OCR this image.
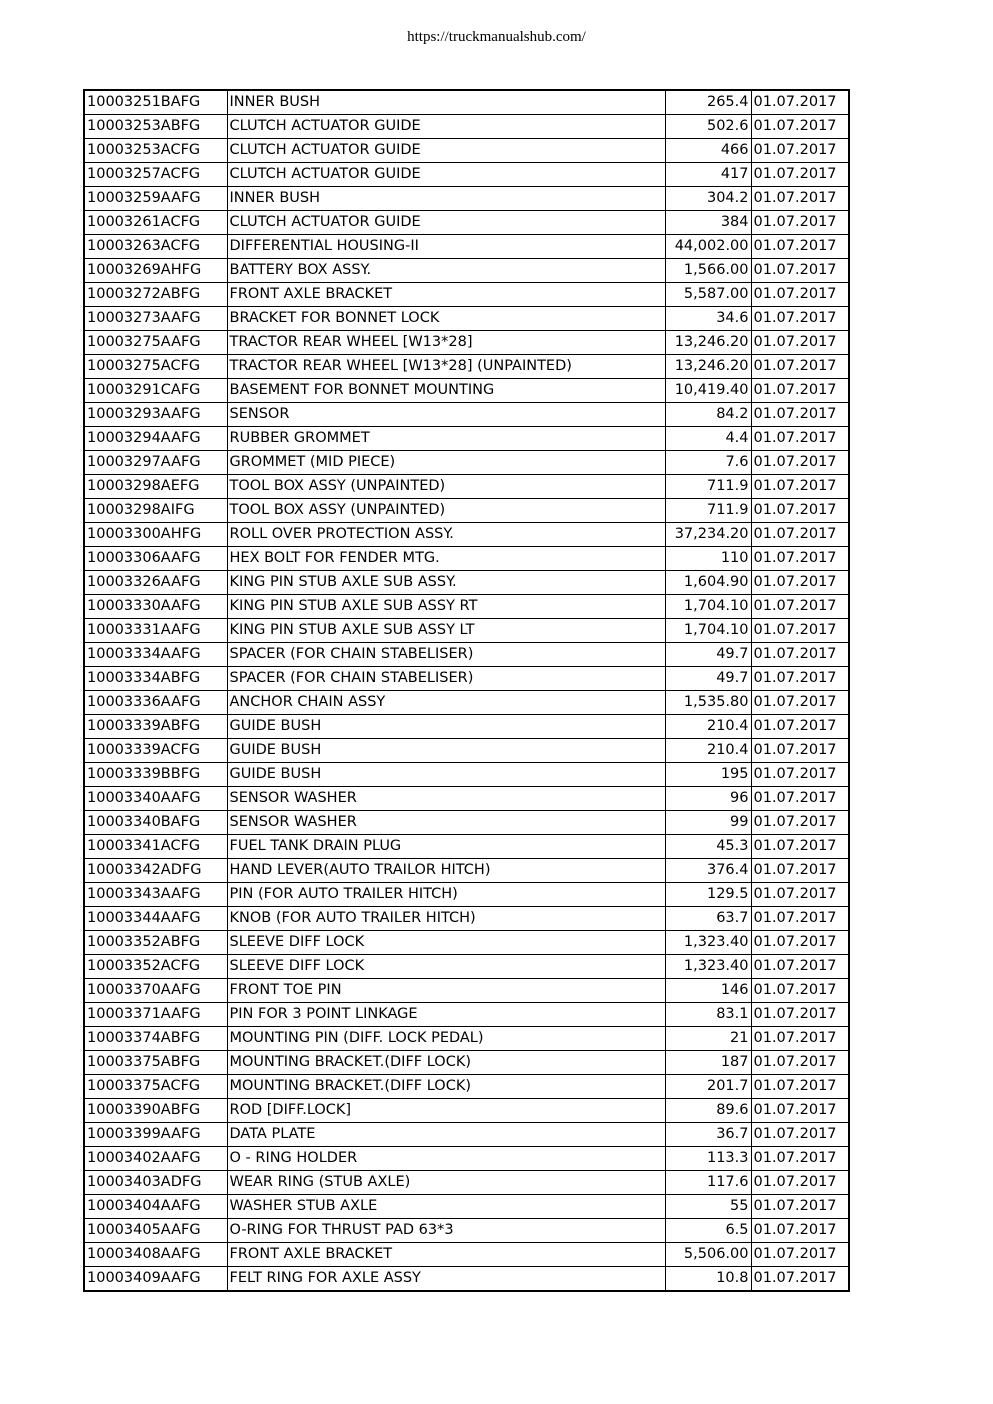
https://truckmanualshub.com/
10003251BAFG	INNER BUSH	265.4	01.07.2017
10003253ABFG	CLUTCH ACTUATOR GUIDE	502.6	01.07.2017
10003253ACFG	CLUTCH ACTUATOR GUIDE	466	01.07.2017
10003257ACFG	CLUTCH ACTUATOR GUIDE	417	01.07.2017
10003259AAFG	INNER BUSH	304.2	01.07.2017
10003261ACFG	CLUTCH ACTUATOR GUIDE	384	01.07.2017
10003263ACFG	DIFFERENTIAL HOUSING-II	44,002.00	01.07.2017
10003269AHFG	BATTERY BOX ASSY.	1,566.00	01.07.2017
10003272ABFG	FRONT AXLE BRACKET	5,587.00	01.07.2017
10003273AAFG	BRACKET FOR BONNET LOCK	34.6	01.07.2017
10003275AAFG	TRACTOR REAR WHEEL [W13*28]	13,246.20	01.07.2017
10003275ACFG	TRACTOR REAR WHEEL [W13*28] (UNPAINTED)	13,246.20	01.07.2017
10003291CAFG	BASEMENT FOR BONNET MOUNTING	10,419.40	01.07.2017
10003293AAFG	SENSOR	84.2	01.07.2017
10003294AAFG	RUBBER GROMMET	4.4	01.07.2017
10003297AAFG	GROMMET (MID PIECE)	7.6	01.07.2017
10003298AEFG	TOOL BOX ASSY (UNPAINTED)	711.9	01.07.2017
10003298AIFG	TOOL BOX ASSY (UNPAINTED)	711.9	01.07.2017
10003300AHFG	ROLL OVER PROTECTION ASSY.	37,234.20	01.07.2017
10003306AAFG	HEX BOLT FOR FENDER MTG.	110	01.07.2017
10003326AAFG	KING PIN STUB AXLE SUB ASSY.	1,604.90	01.07.2017
10003330AAFG	KING PIN STUB AXLE SUB ASSY RT	1,704.10	01.07.2017
10003331AAFG	KING PIN STUB AXLE SUB ASSY LT	1,704.10	01.07.2017
10003334AAFG	SPACER (FOR CHAIN STABELISER)	49.7	01.07.2017
10003334ABFG	SPACER (FOR CHAIN STABELISER)	49.7	01.07.2017
10003336AAFG	ANCHOR CHAIN ASSY	1,535.80	01.07.2017
10003339ABFG	GUIDE BUSH	210.4	01.07.2017
10003339ACFG	GUIDE BUSH	210.4	01.07.2017
10003339BBFG	GUIDE BUSH	195	01.07.2017
10003340AAFG	SENSOR WASHER	96	01.07.2017
10003340BAFG	SENSOR WASHER	99	01.07.2017
10003341ACFG	FUEL TANK DRAIN PLUG	45.3	01.07.2017
10003342ADFG	HAND LEVER(AUTO TRAILOR HITCH)	376.4	01.07.2017
10003343AAFG	PIN (FOR AUTO TRAILER HITCH)	129.5	01.07.2017
10003344AAFG	KNOB (FOR AUTO TRAILER HITCH)	63.7	01.07.2017
10003352ABFG	SLEEVE DIFF LOCK	1,323.40	01.07.2017
10003352ACFG	SLEEVE DIFF LOCK	1,323.40	01.07.2017
10003370AAFG	FRONT TOE PIN	146	01.07.2017
10003371AAFG	PIN FOR 3 POINT LINKAGE	83.1	01.07.2017
10003374ABFG	MOUNTING PIN (DIFF. LOCK PEDAL)	21	01.07.2017
10003375ABFG	MOUNTING BRACKET.(DIFF LOCK)	187	01.07.2017
10003375ACFG	MOUNTING BRACKET.(DIFF LOCK)	201.7	01.07.2017
10003390ABFG	ROD [DIFF.LOCK]	89.6	01.07.2017
10003399AAFG	DATA PLATE	36.7	01.07.2017
10003402AAFG	O - RING HOLDER	113.3	01.07.2017
10003403ADFG	WEAR RING (STUB AXLE)	117.6	01.07.2017
10003404AAFG	WASHER STUB AXLE	55	01.07.2017
10003405AAFG	O-RING FOR THRUST PAD 63*3	6.5	01.07.2017
10003408AAFG	FRONT AXLE BRACKET	5,506.00	01.07.2017
10003409AAFG	FELT RING FOR AXLE ASSY	10.8	01.07.2017
